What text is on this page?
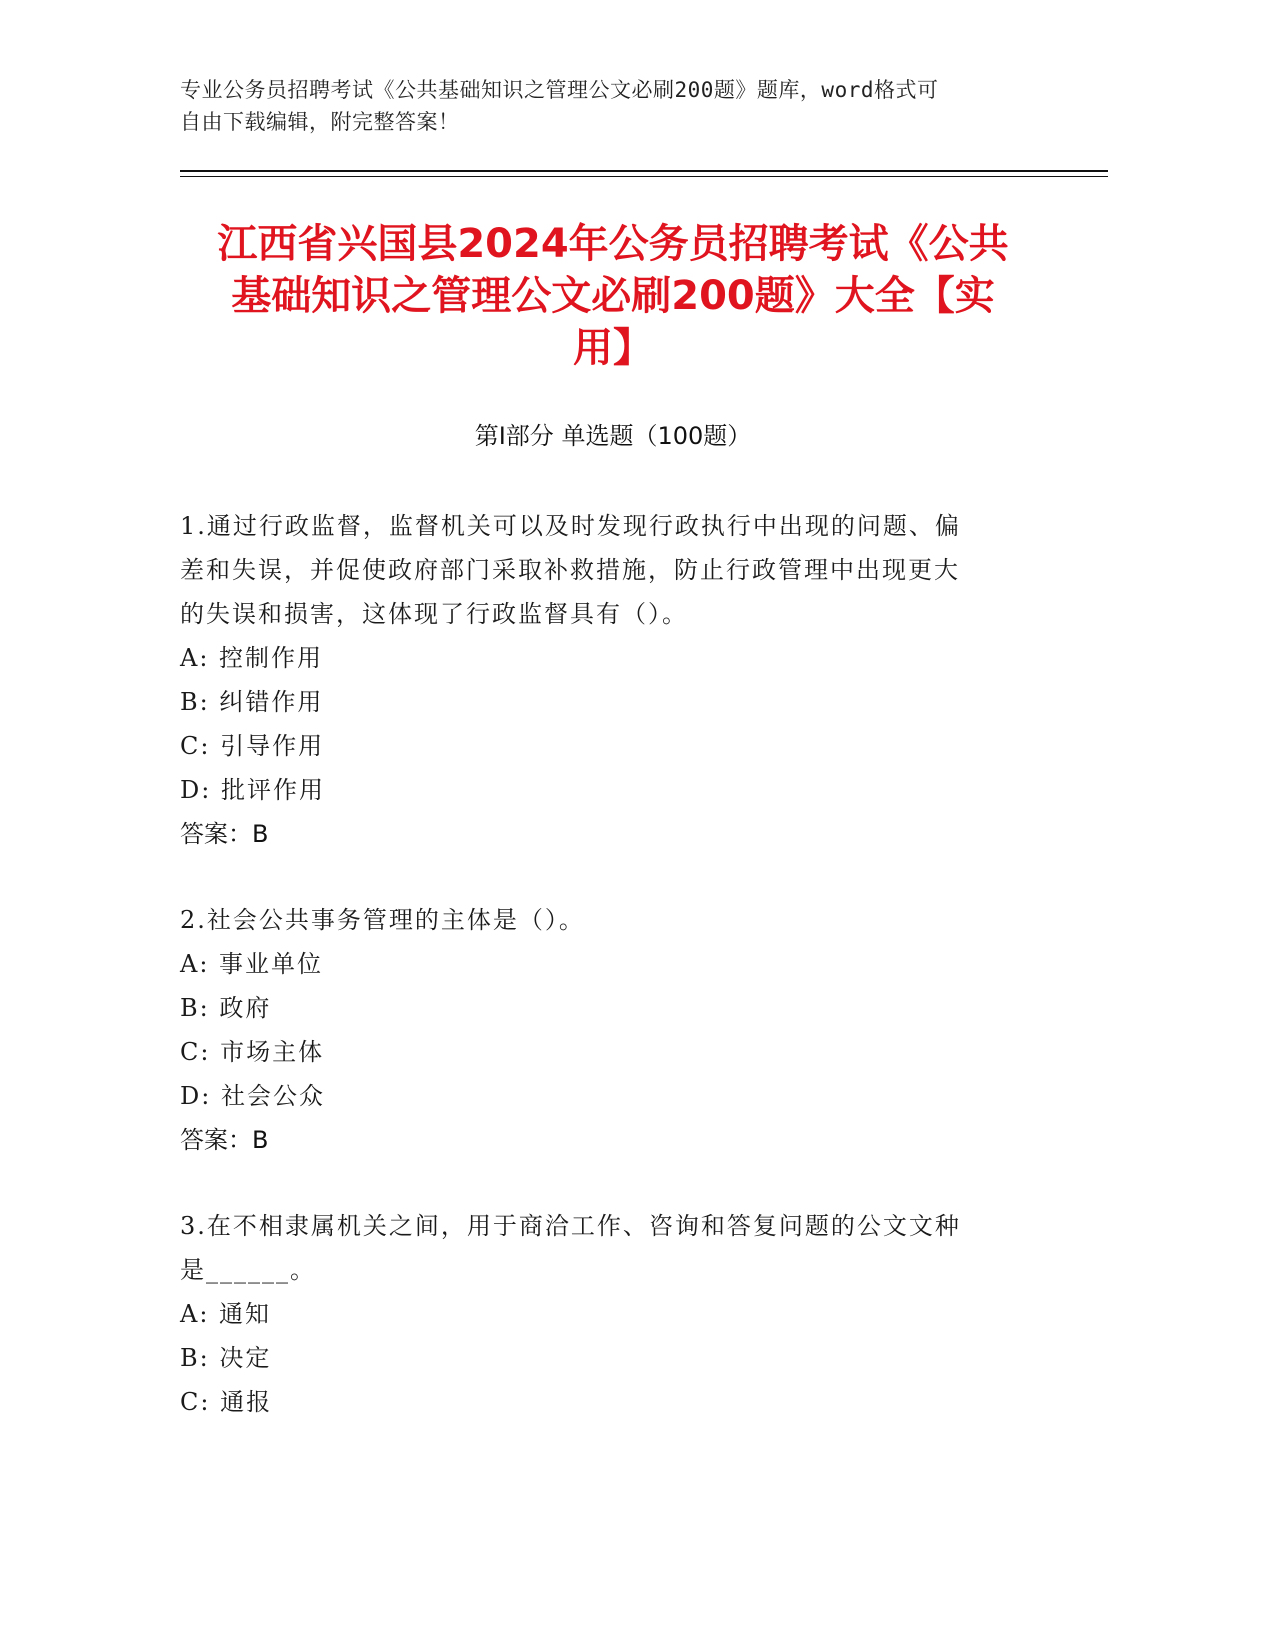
专业公务员招聘考试《公共基础知识之管理公文必刷200题》题库，word格式可
自由下载编辑，附完整答案！
江西省兴国县2024年公务员招聘考试《公共
基础知识之管理公文必刷200题》大全【实
用】
第I部分 单选题（100题）
1.通过行政监督，监督机关可以及时发现行政执行中出现的问题、偏
差和失误，并促使政府部门采取补救措施，防止行政管理中出现更大
的失误和损害，这体现了行政监督具有（）。
A: 控制作用
B: 纠错作用
C: 引导作用
D: 批评作用
答案：B
2.社会公共事务管理的主体是（）。
A: 事业单位
B: 政府
C: 市场主体
D: 社会公众
答案：B
3.在不相隶属机关之间，用于商洽工作、咨询和答复问题的公文文种
是______。
A: 通知
B: 决定
C: 通报
